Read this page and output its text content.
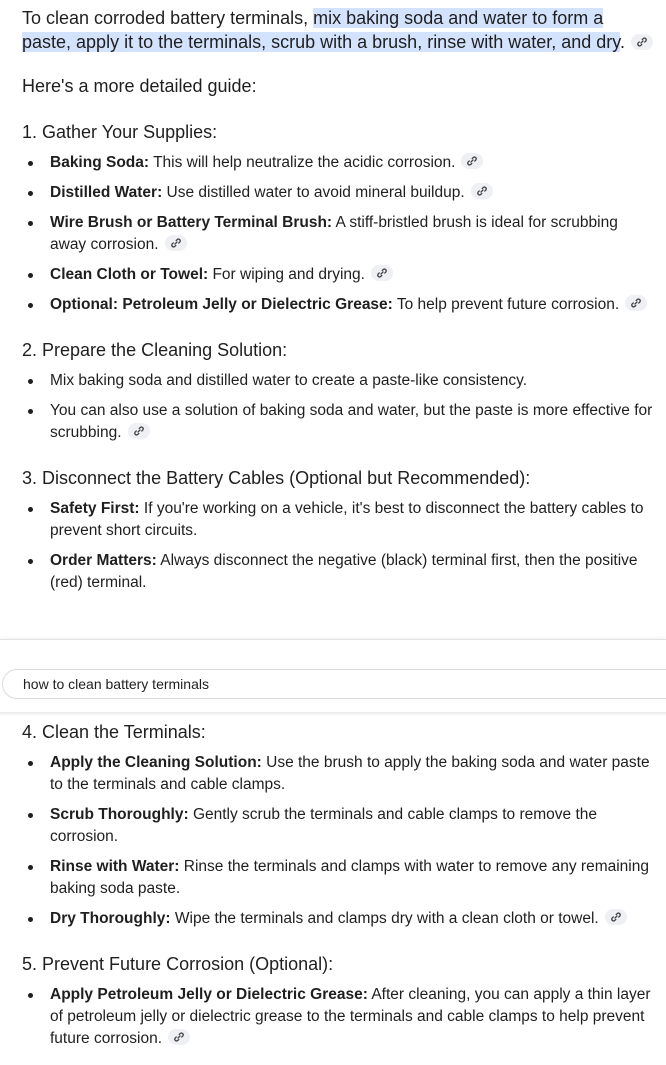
To clean corroded battery terminals, mix baking soda and water to form a paste, apply it to the terminals, scrub with a brush, rinse with water, and dry.

Here's a more detailed guide:

1. Gather Your Supplies:
Baking Soda: This will help neutralize the acidic corrosion.
Distilled Water: Use distilled water to avoid mineral buildup.
Wire Brush or Battery Terminal Brush: A stiff-bristled brush is ideal for scrubbing away corrosion.
Clean Cloth or Towel: For wiping and drying.
Optional: Petroleum Jelly or Dielectric Grease: To help prevent future corrosion.
2. Prepare the Cleaning Solution:
Mix baking soda and distilled water to create a paste-like consistency.
You can also use a solution of baking soda and water, but the paste is more effective for scrubbing.
3. Disconnect the Battery Cables (Optional but Recommended):
Safety First: If you're working on a vehicle, it's best to disconnect the battery cables to prevent short circuits.
Order Matters: Always disconnect the negative (black) terminal first, then the positive (red) terminal.
how to clean battery terminals
4. Clean the Terminals:
Apply the Cleaning Solution: Use the brush to apply the baking soda and water paste to the terminals and cable clamps.
Scrub Thoroughly: Gently scrub the terminals and cable clamps to remove the corrosion.
Rinse with Water: Rinse the terminals and clamps with water to remove any remaining baking soda paste.
Dry Thoroughly: Wipe the terminals and clamps dry with a clean cloth or towel.
5. Prevent Future Corrosion (Optional):
Apply Petroleum Jelly or Dielectric Grease: After cleaning, you can apply a thin layer of petroleum jelly or dielectric grease to the terminals and cable clamps to help prevent future corrosion.
